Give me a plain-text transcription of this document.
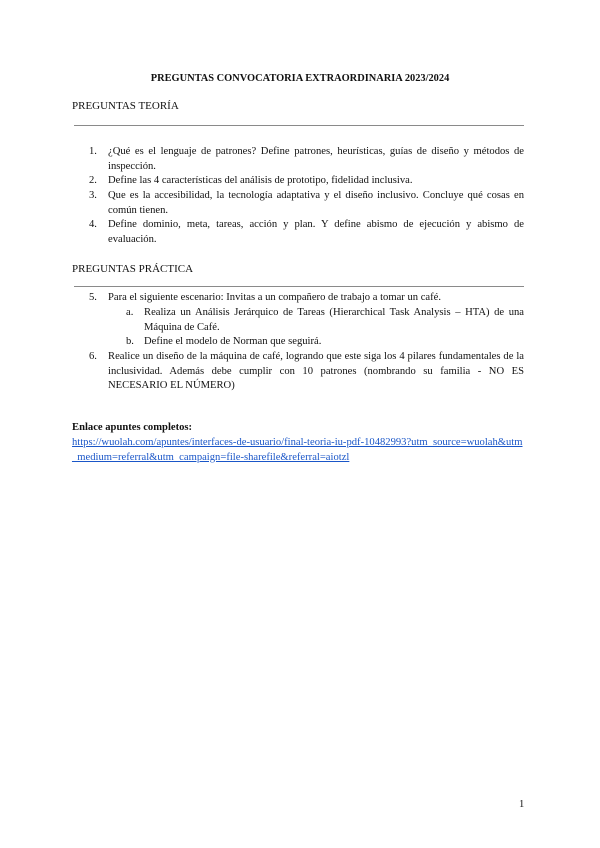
PREGUNTAS CONVOCATORIA EXTRAORDINARIA 2023/2024
PREGUNTAS TEORÍA
1. ¿Qué es el lenguaje de patrones? Define patrones, heurísticas, guías de diseño y métodos de inspección.
2. Define las 4 características del análisis de prototipo, fidelidad inclusiva.
3. Que es la accesibilidad, la tecnología adaptativa y el diseño inclusivo. Concluye qué cosas en común tienen.
4. Define dominio, meta, tareas, acción y plan. Y define abismo de ejecución y abismo de evaluación.
PREGUNTAS PRÁCTICA
5. Para el siguiente escenario: Invitas a un compañero de trabajo a tomar un café.
a. Realiza un Análisis Jerárquico de Tareas (Hierarchical Task Analysis – HTA) de una Máquina de Café.
b. Define el modelo de Norman que seguirá.
6. Realice un diseño de la máquina de café, logrando que este siga los 4 pilares fundamentales de la inclusividad. Además debe cumplir con 10 patrones (nombrando su familia - NO ES NECESARIO EL NÚMERO)
Enlace apuntes completos:
https://wuolah.com/apuntes/interfaces-de-usuario/final-teoria-iu-pdf-10482993?utm_source=wuolah&utm_medium=referral&utm_campaign=file-sharefile&referral=aiotzl
1
